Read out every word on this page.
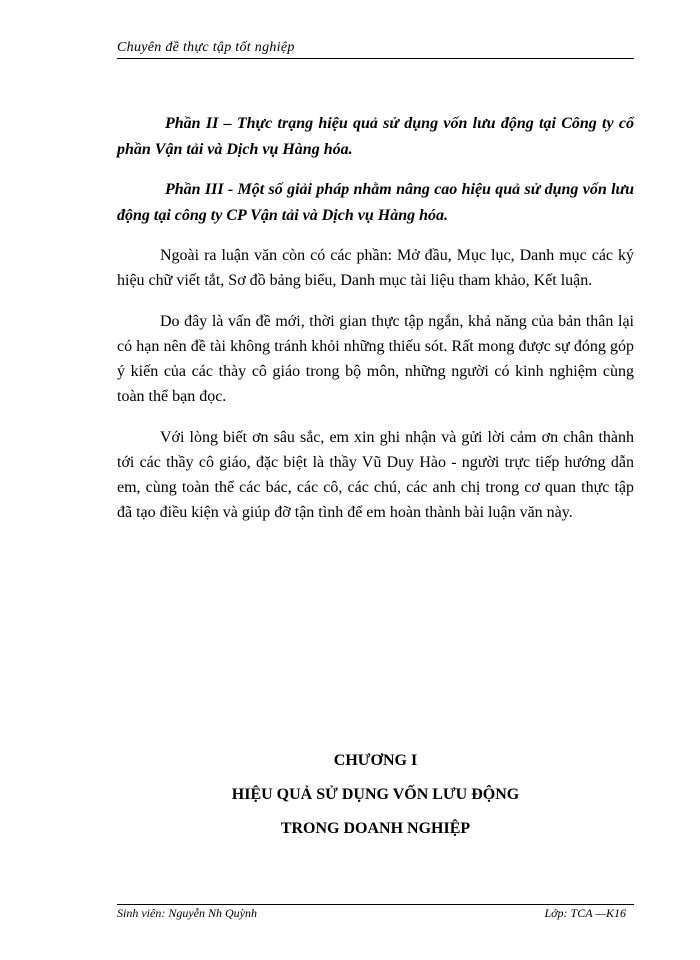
Chuyên đề thực tập tốt nghiệp

Phần II – Thực trạng hiệu quả sử dụng vốn lưu động tại Công ty cổ phần Vận tải và Dịch vụ Hàng hóa.

Phần III - Một số giải pháp nhằm nâng cao hiệu quả sử dụng vốn lưu động tại công ty CP Vận tải và Dịch vụ Hàng hóa.

Ngoài ra luận văn còn có các phần: Mở đầu, Mục lục, Danh mục các ký hiệu chữ viết tắt, Sơ đồ bảng biểu, Danh mục tài liệu tham khảo, Kết luận.

Do đây là vấn đề mới, thời gian thực tập ngắn, khả năng của bản thân lại có hạn nên đề tài không tránh khỏi những thiếu sót. Rất mong được sự đóng góp ý kiến của các thày cô giáo trong bộ môn, những người có kinh nghiệm cùng toàn thể bạn đọc.

Với lòng biết ơn sâu sắc, em xin ghi nhận và gửi lời cảm ơn chân thành tới các thầy cô giáo, đặc biệt là thầy Vũ Duy Hào - người trực tiếp hướng dẫn em, cùng toàn thể các bác, các cô, các chú, các anh chị trong cơ quan thực tập đã tạo điều kiện và giúp đỡ tận tình để em hoàn thành bài luận văn này.

CHƯƠNG I
HIỆU QUẢ SỬ DỤNG VỐN LƯU ĐỘNG
TRONG DOANH NGHIỆP
Sinh viên: Nguyễn Nh Quỳnh	Lớp: TCA —K16
